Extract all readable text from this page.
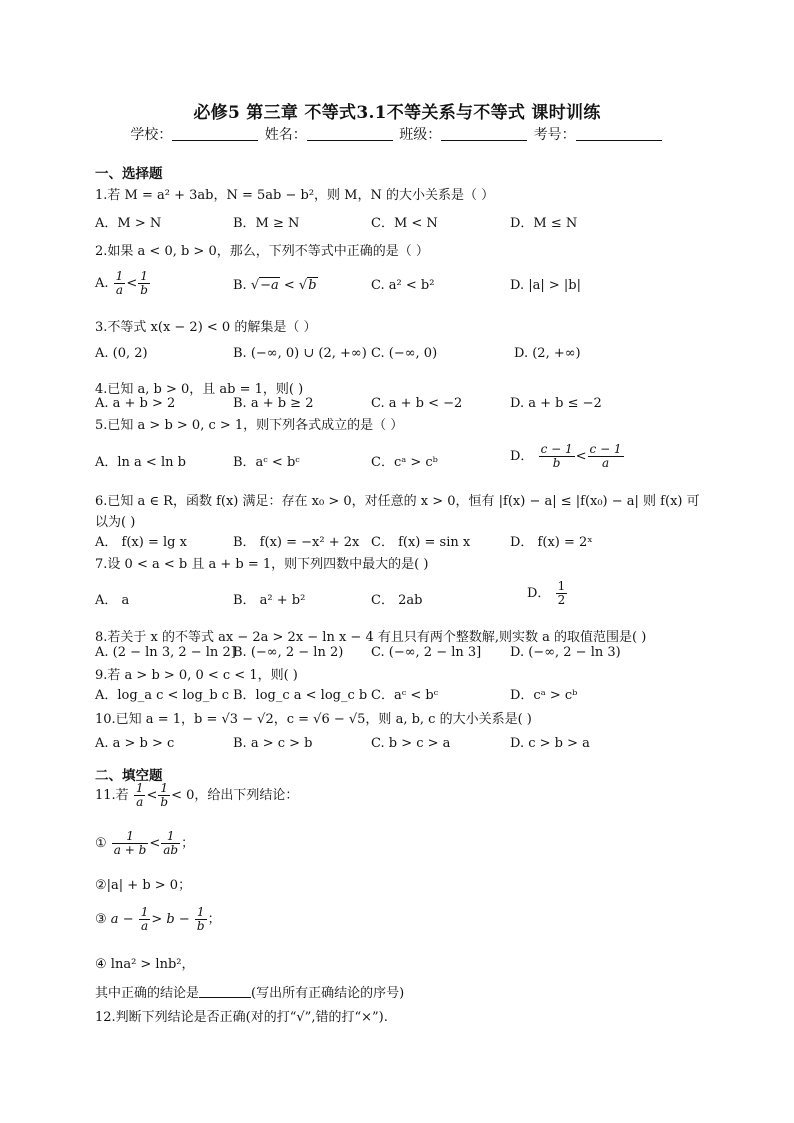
必修5 第三章 不等式3.1不等关系与不等式 课时训练
学校：	姓名：	班级：	考号：
一、选择题
1.若 M = a² + 3ab，N = 5ab − b²，则 M，N 的大小关系是（ ）
A．M > N	B．M ≥ N	C．M < N	D．M ≤ N
2.如果 a < 0, b > 0，那么，下列不等式中正确的是（ ）
A. $\frac{1}{a} < \frac{1}{b}$	B. √−a < √b	C. a² < b²	D. |a| > |b|
3.不等式 x(x − 2) < 0 的解集是（ ）
A. (0, 2)	B. (−∞, 0) ∪ (2, +∞) C. (−∞, 0)	D. (2, +∞)
4.已知 a, b > 0，且 ab = 1，则( )
A. a + b > 2	B. a + b ≥ 2	C. a + b < −2	D. a + b ≤ −2
5.已知 a > b > 0, c > 1，则下列各式成立的是（ ）
A．ln a < ln b	B．aᶜ < bᶜ	C．cᵃ > cᵇ	D． $\frac{c - 1}{b} < \frac{c - 1}{a}$
6.已知 a ∈ R，函数 f(x) 满足：存在 x₀ > 0，对任意的 x > 0，恒有 |f(x) − a| ≤ |f(x₀) − a| 则 f(x) 可
以为( )
A． f(x) = lg x	B． f(x) = −x² + 2x C． f(x) = sin x	D． f(x) = 2ˣ
7.设 0 < a < b 且 a + b = 1，则下列四数中最大的是( )
A． a	B． a² + b²	C． 2ab	D． $\frac{1}{2}$
8.若关于 x 的不等式 ax − 2a > 2x − ln x − 4 有且只有两个整数解,则实数 a 的取值范围是( )
A. (2 − ln 3, 2 − ln 2]
B. (−∞, 2 − ln 2) C. (−∞, 2 − ln 3] D. (−∞, 2 − ln 3)
9.若 a > b > 0, 0 < c < 1，则( )
A．log_a c < log_b c B．log_c a < log_c b C．aᶜ < bᶜ	D．cᵃ > cᵇ
10.已知 a = 1，b = √3 − √2，c = √6 − √5，则 a, b, c 的大小关系是( )
A. a > b > c	B. a > c > b	C. b > c > a	D. c > b > a
二、填空题
11.若 $\frac{1}{a} < \frac{1}{b} < 0$，给出下列结论：
① $\frac{1}{a + b} < \frac{1}{ab}$ ；
②|a| + b > 0；
③ $a - \frac{1}{a} > b - \frac{1}{b}$ ；
④ lna² > lnb²，
其中正确的结论是	(写出所有正确结论的序号)
12.判断下列结论是否正确(对的打“√”,错的打“×”).
